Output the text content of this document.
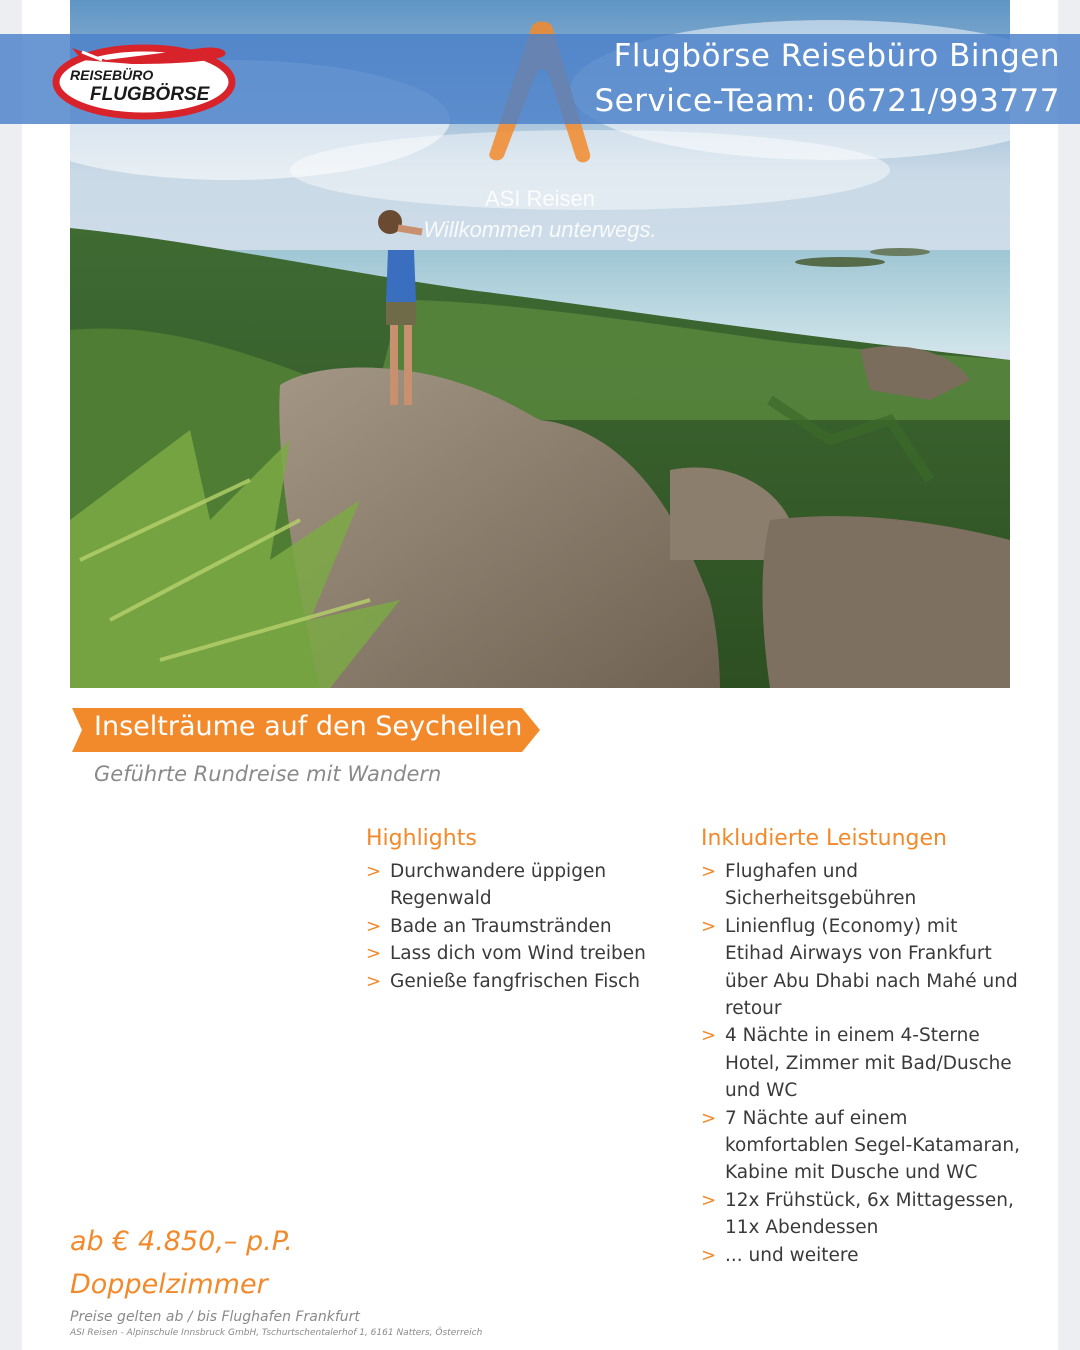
ASI Reisen
Willkommen unterwegs.
Flugbörse Reisebüro Bingen
Service-Team: 06721/993777
REISEBÜRO
FLUGBÖRSE
Inselträume auf den Seychellen
Geführte Rundreise mit Wandern
Highlights
> Durchwandere üppigen Regenwald
> Bade an Traumstränden
> Lass dich vom Wind treiben
> Genieße fangfrischen Fisch
Inkludierte Leistungen
> Flughafen und Sicherheitsgebühren
> Linienflug (Economy) mit Etihad Airways von Frankfurt über Abu Dhabi nach Mahé und retour
> 4 Nächte in einem 4-Sterne Hotel, Zimmer mit Bad/Dusche und WC
> 7 Nächte auf einem komfortablen Segel-Katamaran, Kabine mit Dusche und WC
> 12x Frühstück, 6x Mittagessen, 11x Abendessen
> ... und weitere
ab € 4.850,– p.P.
Doppelzimmer
Preise gelten ab / bis Flughafen Frankfurt
ASI Reisen - Alpinschule Innsbruck GmbH, Tschurtschentalerhof 1, 6161 Natters, Österreich
